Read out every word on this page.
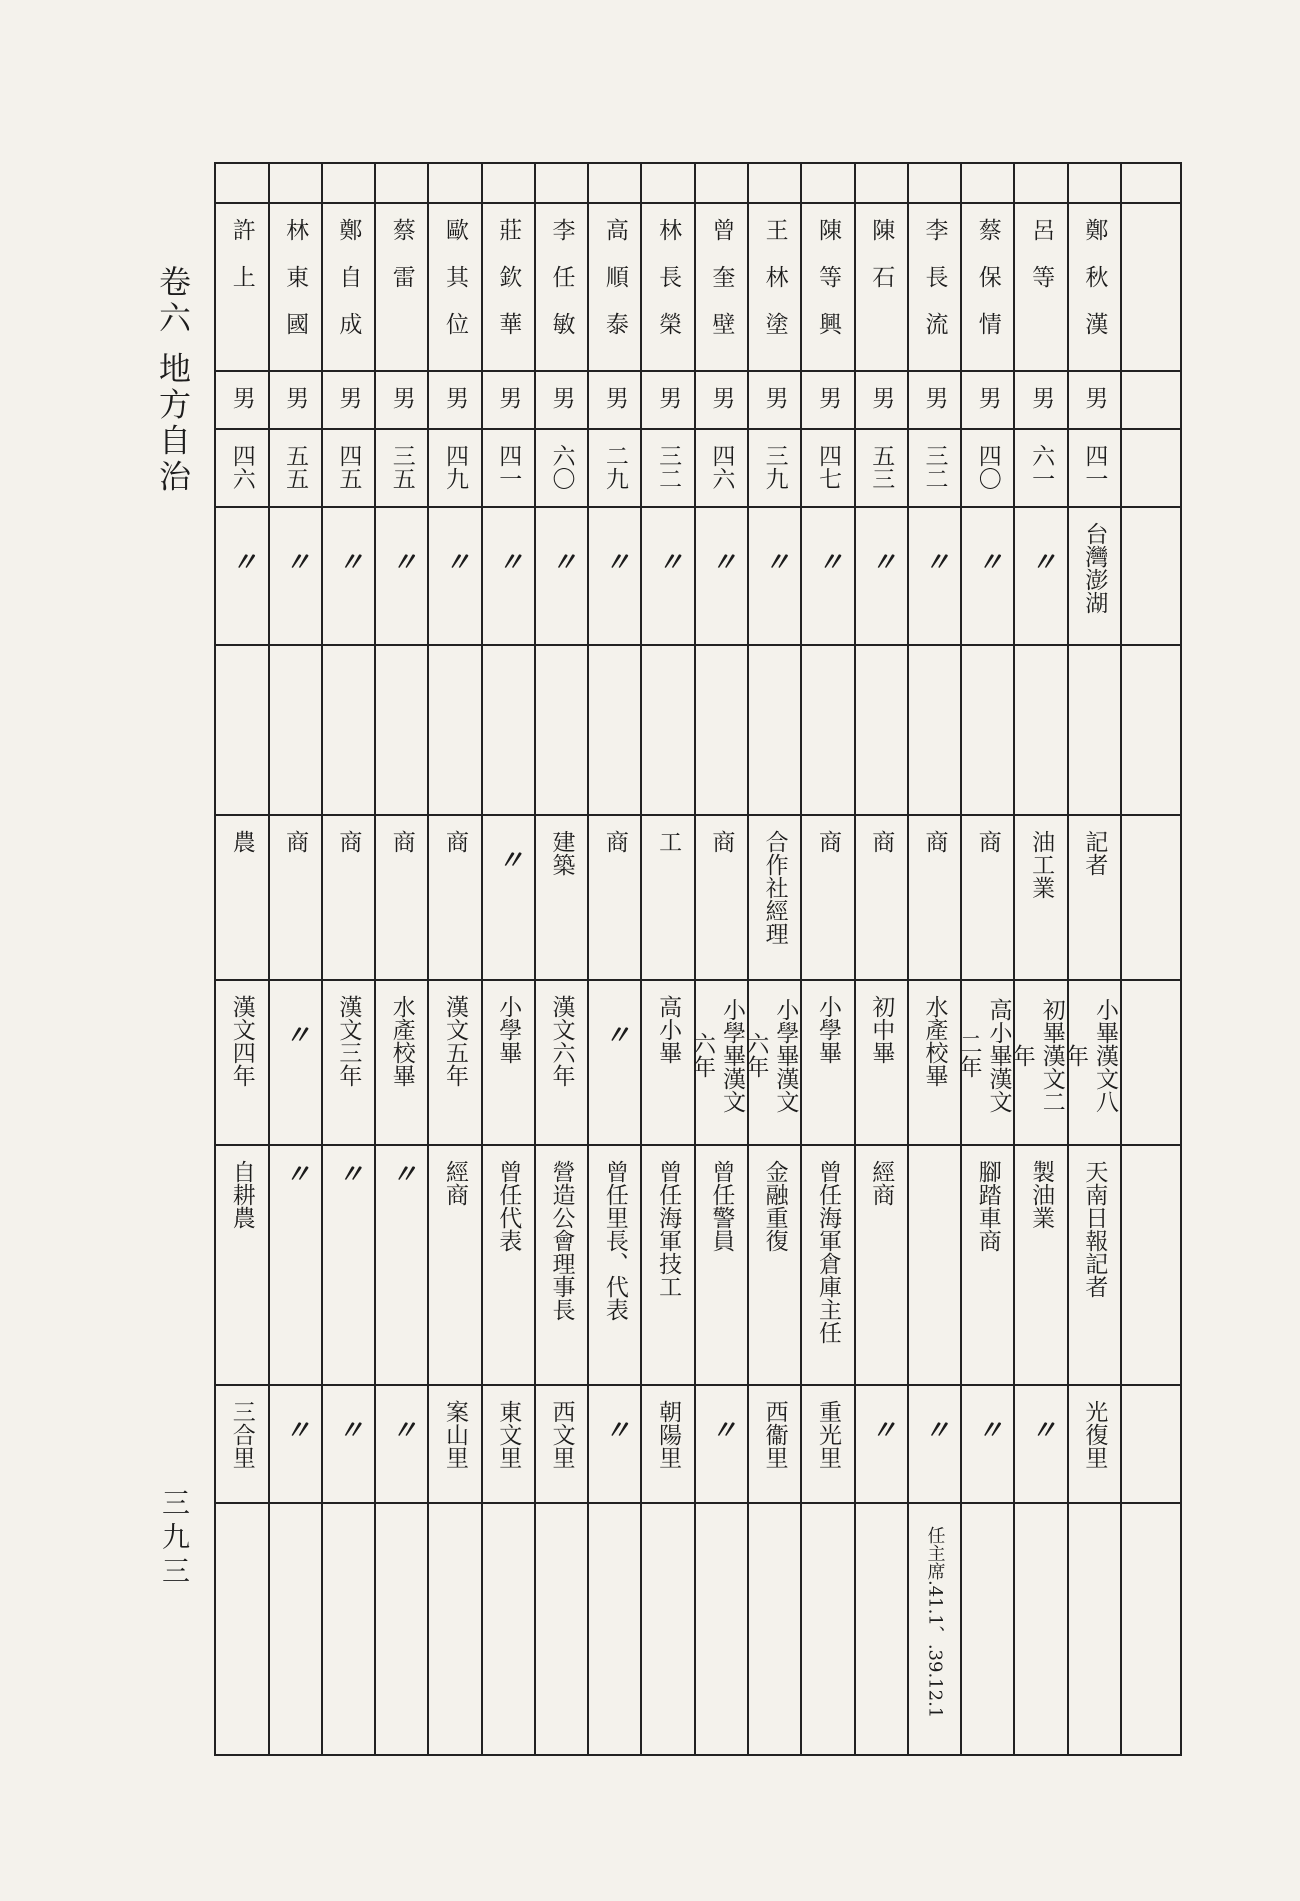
卷六 地方自治
三九三

	鄭秋漢	呂等	蔡保情	李長流	陳石	陳等興	王林塗	曾奎壁	林長榮	高順泰	李任敏	莊欽華	歐其位	蔡雷	鄭自成	林東國	許上
	男	男	男	男	男	男	男	男	男	男	男	男	男	男	男	男	男
	四一	六一	四〇	三二	五三	四七	三九	四六	三二	二九	六〇	四一	四九	三五	四五	五五	四六
	台灣澎湖	〃	〃	〃	〃	〃	〃	〃	〃	〃	〃	〃	〃	〃	〃	〃	〃

	記者	油工業	商	商	商	商	合作社經理	商	工	商	建築	〃	商	商	商	商	農
	小畢漢文八年	初畢漢文二年	高小畢漢文二年	水產校畢	初中畢	小學畢	小學畢漢文六年	小學畢漢文六年	高小畢	〃	漢文六年	小學畢	漢文五年	水產校畢	漢文三年	〃	漢文四年
	天南日報記者	製油業	腳踏車商		經商	曾任海軍倉庫主任	金融重復	曾任警員	曾任海軍技工	曾任里長、代表	營造公會理事長	曾任代表	經商	〃	〃	〃	自耕農
	光復里	〃	〃	〃	〃	重光里	西衞里	〃	朝陽里	〃	西文里	東文里	案山里	〃	〃	〃	三合里
				39.12.1.、41.1.任主席													
